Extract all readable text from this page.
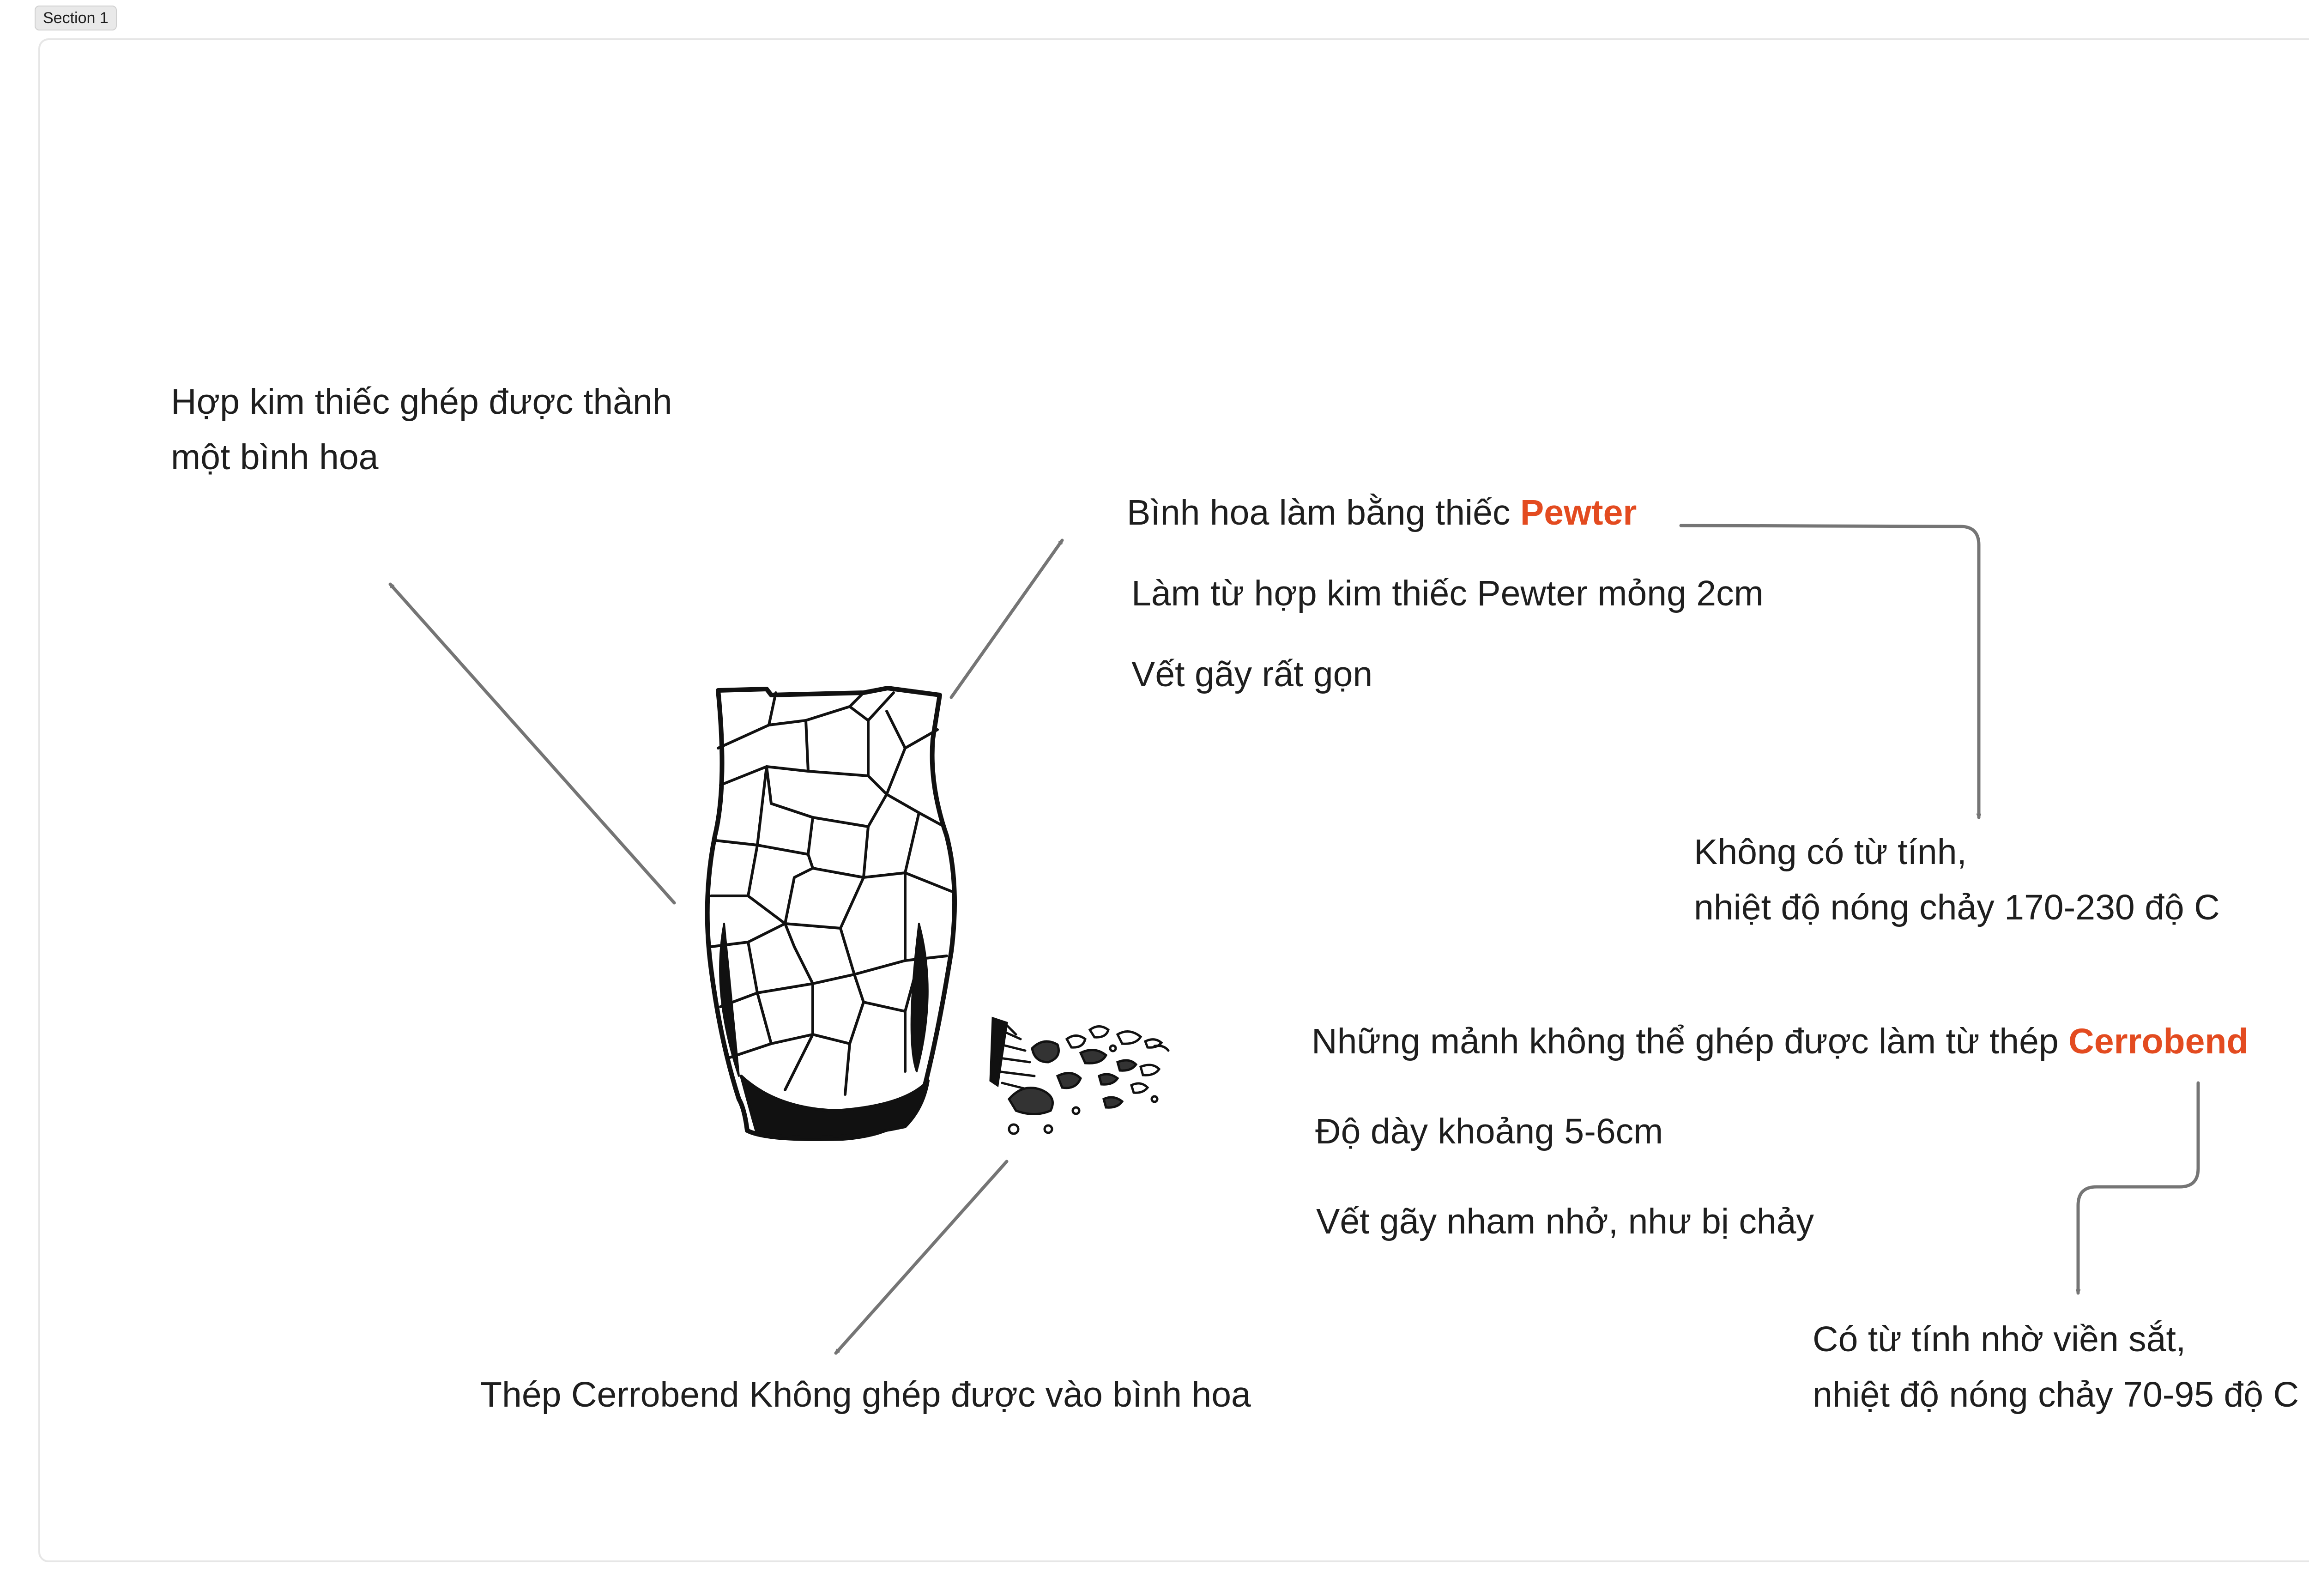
Section 1
Hợp kim thiếc ghép được thành
một bình hoa
Bình hoa làm bằng thiếc Pewter
Làm từ hợp kim thiếc Pewter mỏng 2cm
Vết gãy rất gọn
Không có từ tính,
nhiệt độ nóng chảy 170-230 độ C
Những mảnh không thể ghép được làm từ thép Cerrobend
Độ dày khoảng 5-6cm
Vết gãy nham nhở, như bị chảy
Có từ tính nhờ viền sắt,
nhiệt độ nóng chảy 70-95 độ C
Thép Cerrobend Không ghép được vào bình hoa
